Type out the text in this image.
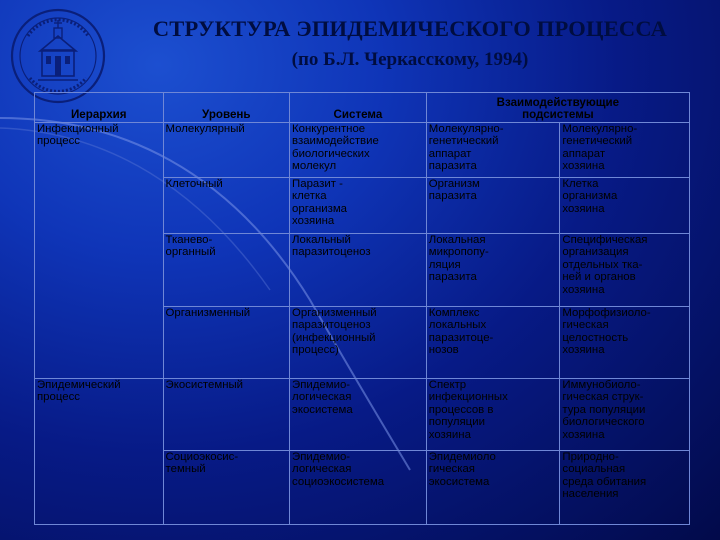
СТРУКТУРА ЭПИДЕМИЧЕСКОГО ПРОЦЕССА
(по Б.Л. Черкасскому, 1994)
Иерархия	Уровень	Система	Взаимодействующие
подсистемы	

Инфекционный
процесс	Молекулярный	Конкурентное
взаимодействие
биологических
молекул	Молекулярно-
генетический
аппарат
паразита	Молекулярно-
генетический
аппарат
хозяина

	Клеточный	Паразит -
клетка
организма
хозяина	Организм
паразита	Клетка
организма
хозяина

	Тканево-
органный	Локальный
паразитоценоз	Локальная
микропопу-
ляция
паразита	Специфическая
организация
отдельных тка-
ней и органов
хозяина

	Организменный	Организменный
паразитоценоз
(инфекционный
процесс)	Комплекс
локальных
паразитоце-
нозов	Морфофизиоло-
гическая
целостность
хозяина

Эпидемический
процесс	Экосистемный	Эпидемио-
логическая
экосистема	Спектр
инфекционных
процессов в
популяции
хозяина	Иммунобиоло-
гическая струк-
тура популяции
биологического
хозяина

	Социоэкосис-
темный	Эпидемио-
логическая
социоэкосистема	Эпидемиоло
гическая
экосистема	Природно-
социальная
среда обитания
населения
